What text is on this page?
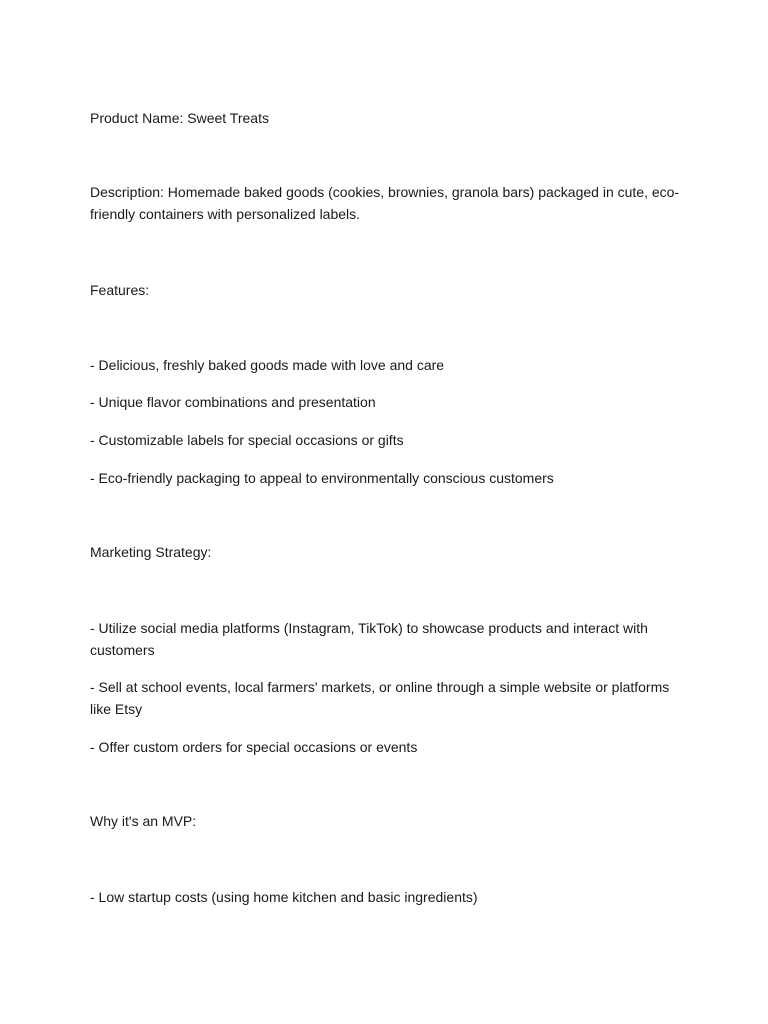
Product Name: Sweet Treats
Description: Homemade baked goods (cookies, brownies, granola bars) packaged in cute, eco-friendly containers with personalized labels.
Features:
- Delicious, freshly baked goods made with love and care
- Unique flavor combinations and presentation
- Customizable labels for special occasions or gifts
- Eco-friendly packaging to appeal to environmentally conscious customers
Marketing Strategy:
- Utilize social media platforms (Instagram, TikTok) to showcase products and interact with customers
- Sell at school events, local farmers' markets, or online through a simple website or platforms like Etsy
- Offer custom orders for special occasions or events
Why it's an MVP:
- Low startup costs (using home kitchen and basic ingredients)
